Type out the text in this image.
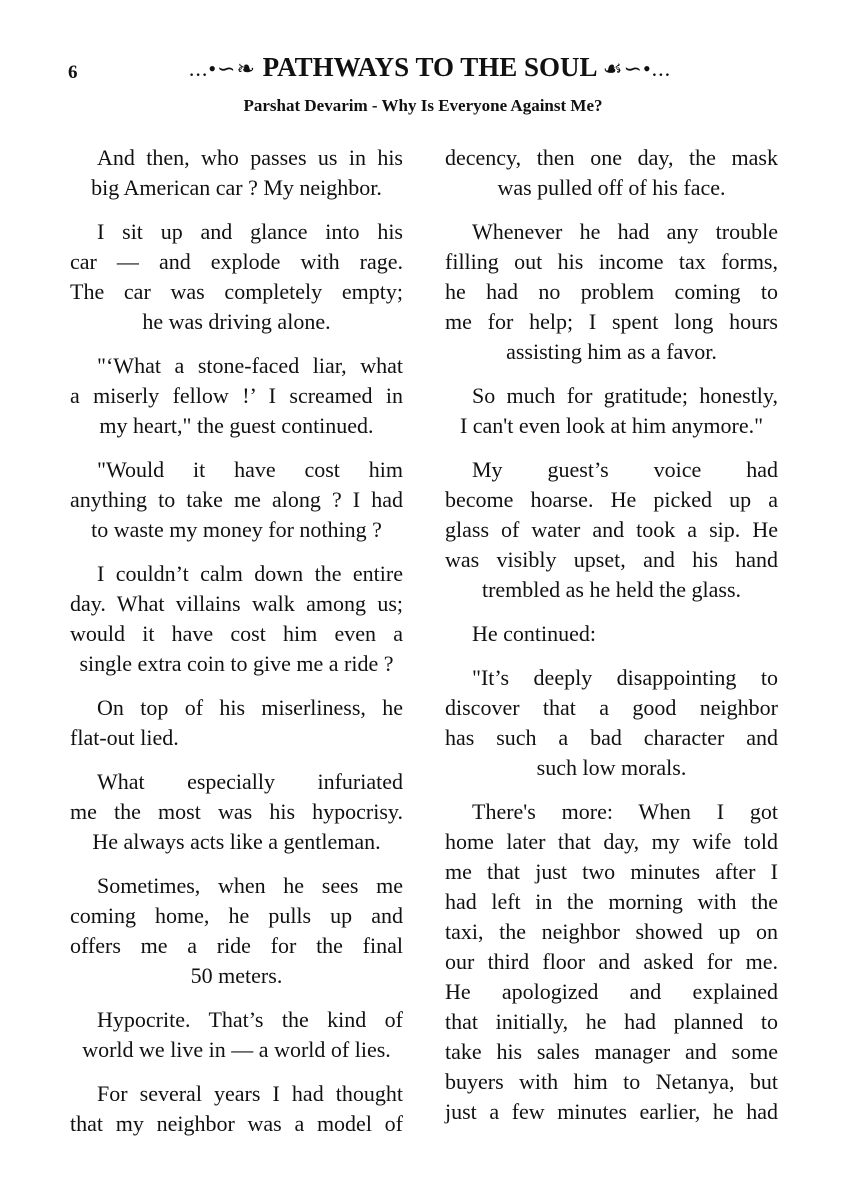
6	...•∽❧ PATHWAYS TO THE SOUL ☙∽•...
Parshat Devarim - Why Is Everyone Against Me?
And then, who passes us in his
big American car ? My neighbor.
I sit up and glance into his
car — and explode with rage.
The car was completely empty;
he was driving alone.
"‘What a stone-faced liar, what
a miserly fellow !’ I screamed in
my heart," the guest continued.
"Would it have cost him
anything to take me along ? I had
to waste my money for nothing ?
I couldn’t calm down the entire
day. What villains walk among us;
would it have cost him even a
single extra coin to give me a ride ?
On top of his miserliness, he
flat-out lied.
What especially infuriated
me the most was his hypocrisy.
He always acts like a gentleman.
Sometimes, when he sees me
coming home, he pulls up and
offers me a ride for the final
50 meters.
Hypocrite. That’s the kind of
world we live in — a world of lies.
For several years I had thought
that my neighbor was a model of
decency, then one day, the mask
was pulled off of his face.
Whenever he had any trouble
filling out his income tax forms,
he had no problem coming to
me for help; I spent long hours
assisting him as a favor.
So much for gratitude; honestly,
I can't even look at him anymore."
My guest’s voice had
become hoarse. He picked up a
glass of water and took a sip. He
was visibly upset, and his hand
trembled as he held the glass.
He continued:
"It’s deeply disappointing to
discover that a good neighbor
has such a bad character and
such low morals.
There's more: When I got
home later that day, my wife told
me that just two minutes after I
had left in the morning with the
taxi, the neighbor showed up on
our third floor and asked for me.
He apologized and explained
that initially, he had planned to
take his sales manager and some
buyers with him to Netanya, but
just a few minutes earlier, he had
